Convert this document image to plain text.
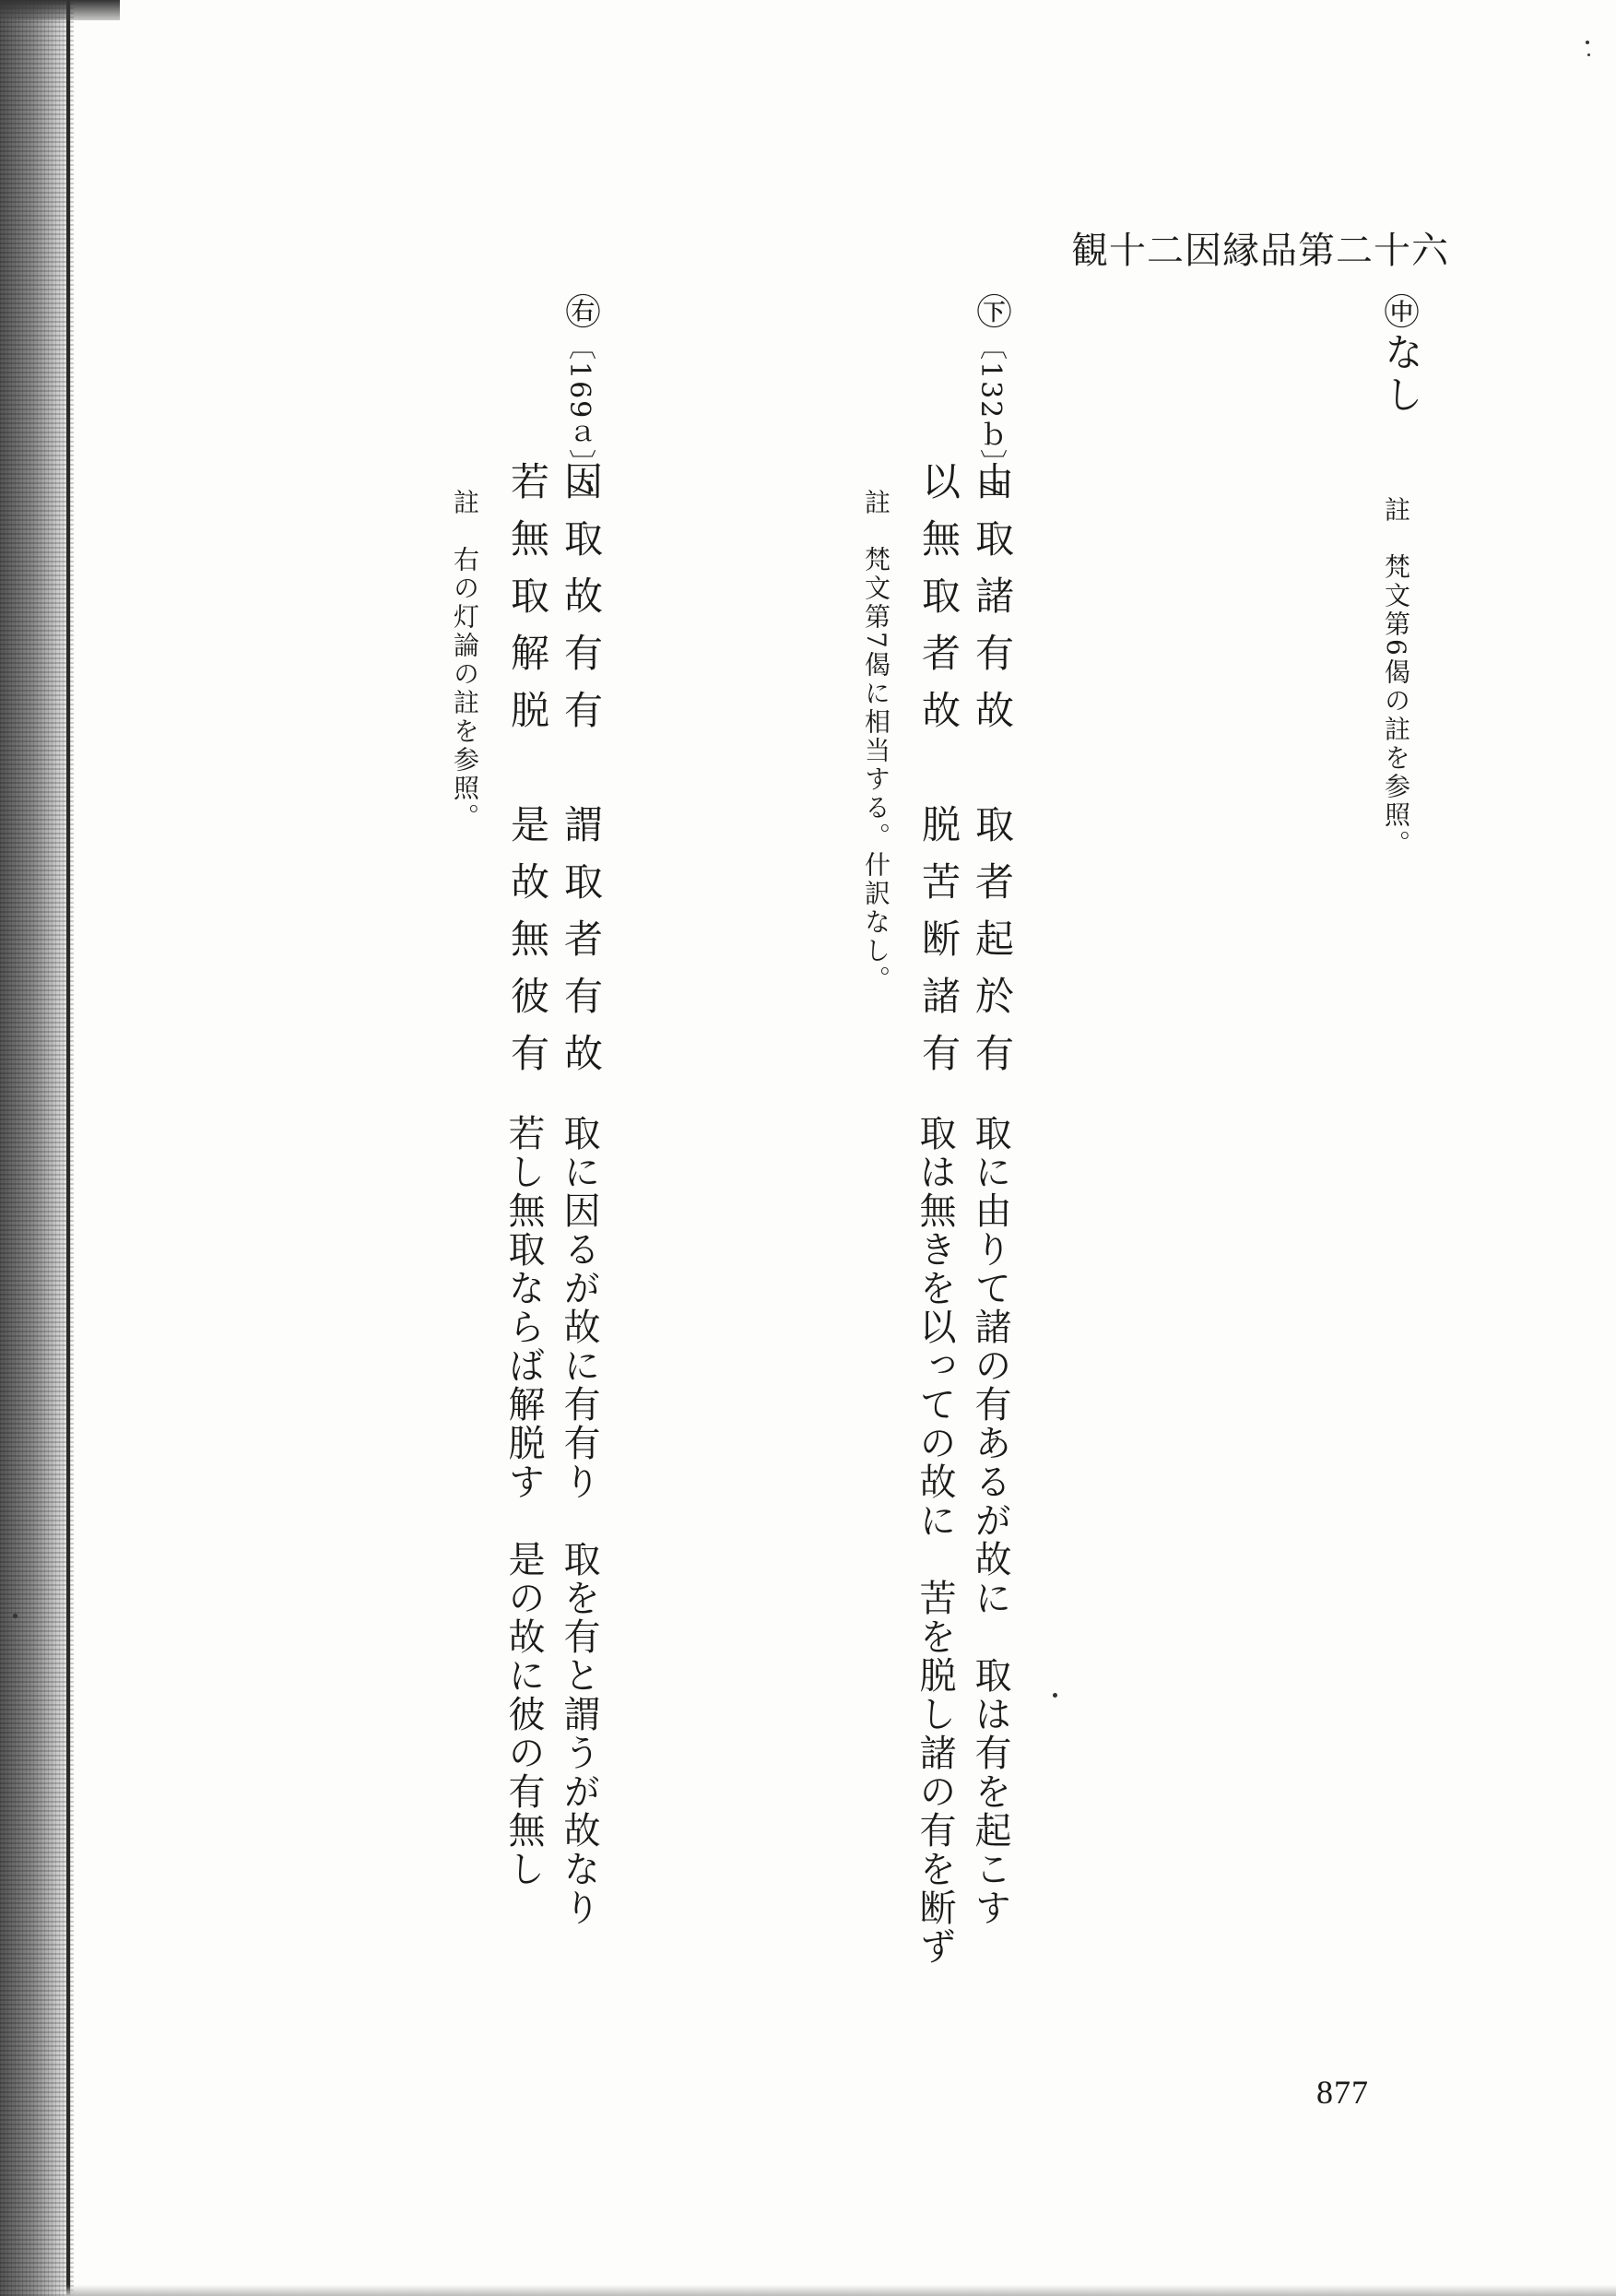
観十二因縁品第二十六
㊥
なし
註　梵文第6偈の註を参照。
㊦
〔132ｂ〕7
由取諸有故　取者起於有
以無取者故　脱苦断諸有
註　梵文第7偈に相当する。什訳なし。
取に由りて諸の有あるが故に　取は有を起こす
取は無きを以っての故に　苦を脱し諸の有を断ず
㊨
〔169ａ〕7
因取故有有　謂取者有故
若無取解脱　是故無彼有
註　右の灯論の註を参照。
取に因るが故に有有り　取を有と謂うが故なり
若し無取ならば解脱す　是の故に彼の有無し
877
